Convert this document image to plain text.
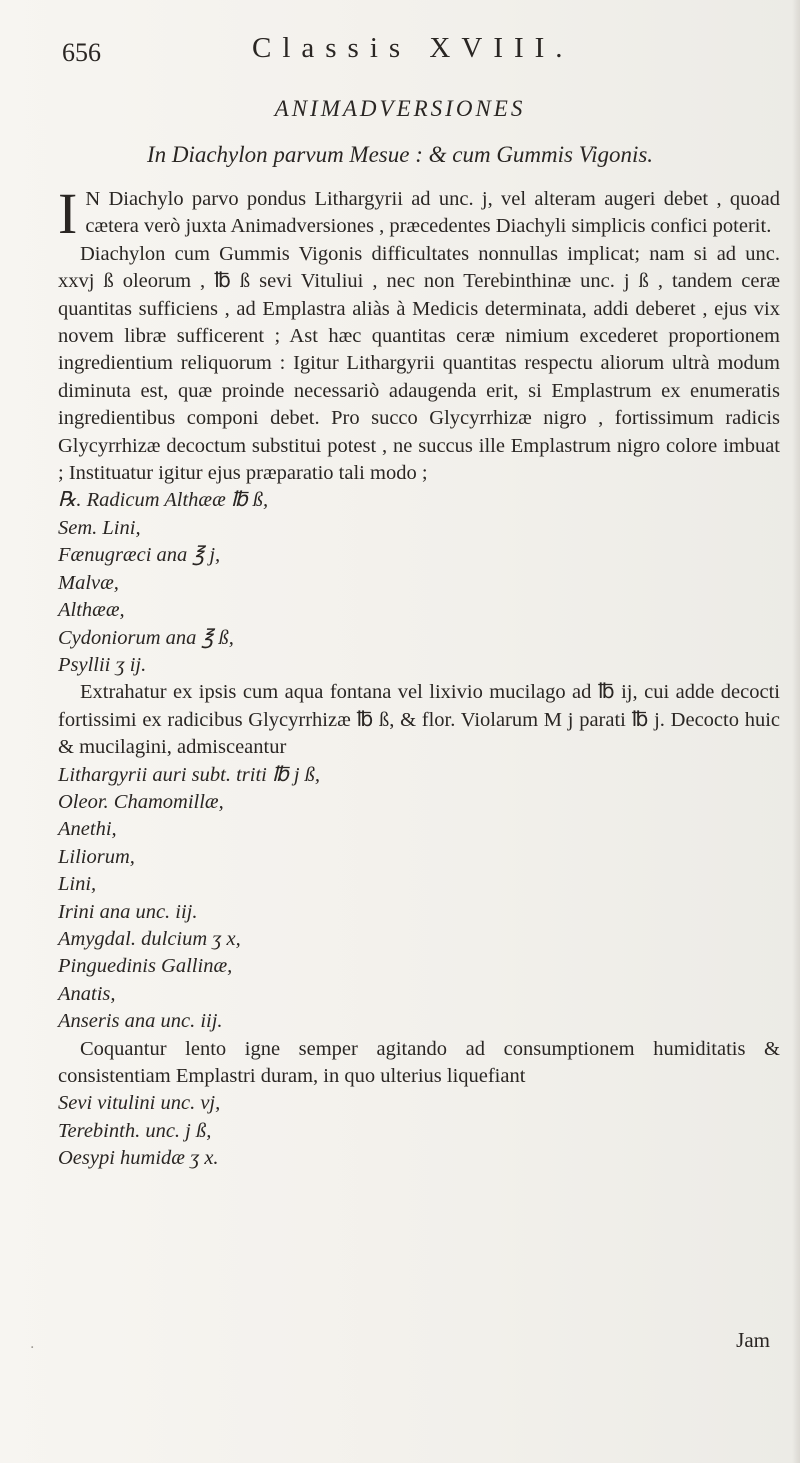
656	Classis XVIII.
ANIMADVERSIONES
In Diachylon parvum Mesue : & cum Gummis Vigonis.

I N Diachylo parvo pondus Lithargyrii ad unc. j, vel alteram augeri debet , quoad cætera verò juxta Animadversiones , præcedentes Diachyli simplicis confici poterit.

Diachylon cum Gummis Vigonis difficultates nonnullas implicat; nam si ad unc. xxvj ß oleorum , ℔ ß sevi Vituliui , nec non Terebinthinæ unc. j ß , tandem ceræ quantitas sufficiens , ad Emplastra aliàs à Medicis determinata, addi deberet , ejus vix novem libræ sufficerent ; Ast hæc quantitas ceræ nimium excederet proportionem ingredientium reliquorum : Igitur Lithargyrii quantitas respectu aliorum ultrà modum diminuta est, quæ proinde necessariò adaugenda erit, si Emplastrum ex enumeratis ingredientibus componi debet. Pro succo Glycyrrhizæ nigro , fortissimum radicis Glycyrrhizæ decoctum substitui potest , ne succus ille Emplastrum nigro colore imbuat ; Instituatur igitur ejus præparatio tali modo ;

℞. Radicum Althææ ℔ ß,
Sem. Lini,
Fænugræci ana ℥ j,
Malvæ,
Althææ,
Cydoniorum ana ℥ ß,
Psyllii ʒ ij.

Extrahatur ex ipsis cum aqua fontana vel lixivio mucilago ad ℔ ij, cui adde decocti fortissimi ex radicibus Glycyrrhizæ ℔ ß, & flor. Violarum M j parati ℔ j. Decocto huic & mucilagini, admisceantur

Lithargyrii auri subt. triti ℔ j ß,
Oleor. Chamomillæ,
Anethi,
Liliorum,
Lini,
Irini ana unc. iij.
Amygdal. dulcium ʒ x,
Pinguedinis Gallinæ,
Anatis,
Anseris ana unc. iij.

Coquantur lento igne semper agitando ad consumptionem humiditatis & consistentiam Emplastri duram, in quo ulterius liquefiant

Sevi vitulini unc. vj,
Terebinth. unc. j ß,
Oesypi humidæ ʒ x.
Jam
·
